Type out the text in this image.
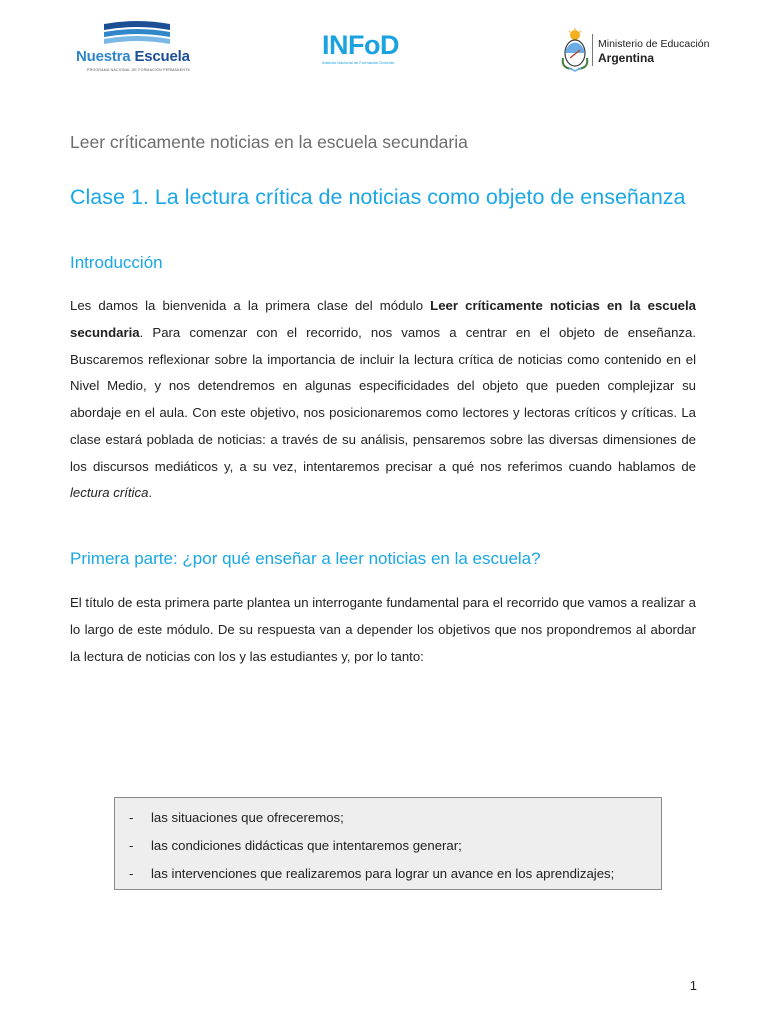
Nuestra Escuela
PROGRAMA NACIONAL DE FORMACIÓN PERMANENTE
INFoD
Instituto Nacional de Formación Docente
Ministerio de Educación
Argentina
Leer críticamente noticias en la escuela secundaria
Clase 1. La lectura crítica de noticias como objeto de enseñanza
Introducción

Les damos la bienvenida a la primera clase del módulo Leer críticamente noticias en la escuela secundaria. Para comenzar con el recorrido, nos vamos a centrar en el objeto de enseñanza. Buscaremos reflexionar sobre la importancia de incluir la lectura crítica de noticias como contenido en el Nivel Medio, y nos detendremos en algunas especificidades del objeto que pueden complejizar su abordaje en el aula. Con este objetivo, nos posicionaremos como lectores y lectoras críticos y críticas. La clase estará poblada de noticias: a través de su análisis, pensaremos sobre las diversas dimensiones de los discursos mediáticos y, a su vez, intentaremos precisar a qué nos referimos cuando hablamos de lectura crítica.

Primera parte: ¿por qué enseñar a leer noticias en la escuela?

El título de esta primera parte plantea un interrogante fundamental para el recorrido que vamos a realizar a lo largo de este módulo. De su respuesta van a depender los objetivos que nos propondremos al abordar la lectura de noticias con los y las estudiantes y, por lo tanto:

- las situaciones que ofreceremos;
- las condiciones didácticas que intentaremos generar;
- las intervenciones que realizaremos para lograr un avance en los aprendizajes;
1
